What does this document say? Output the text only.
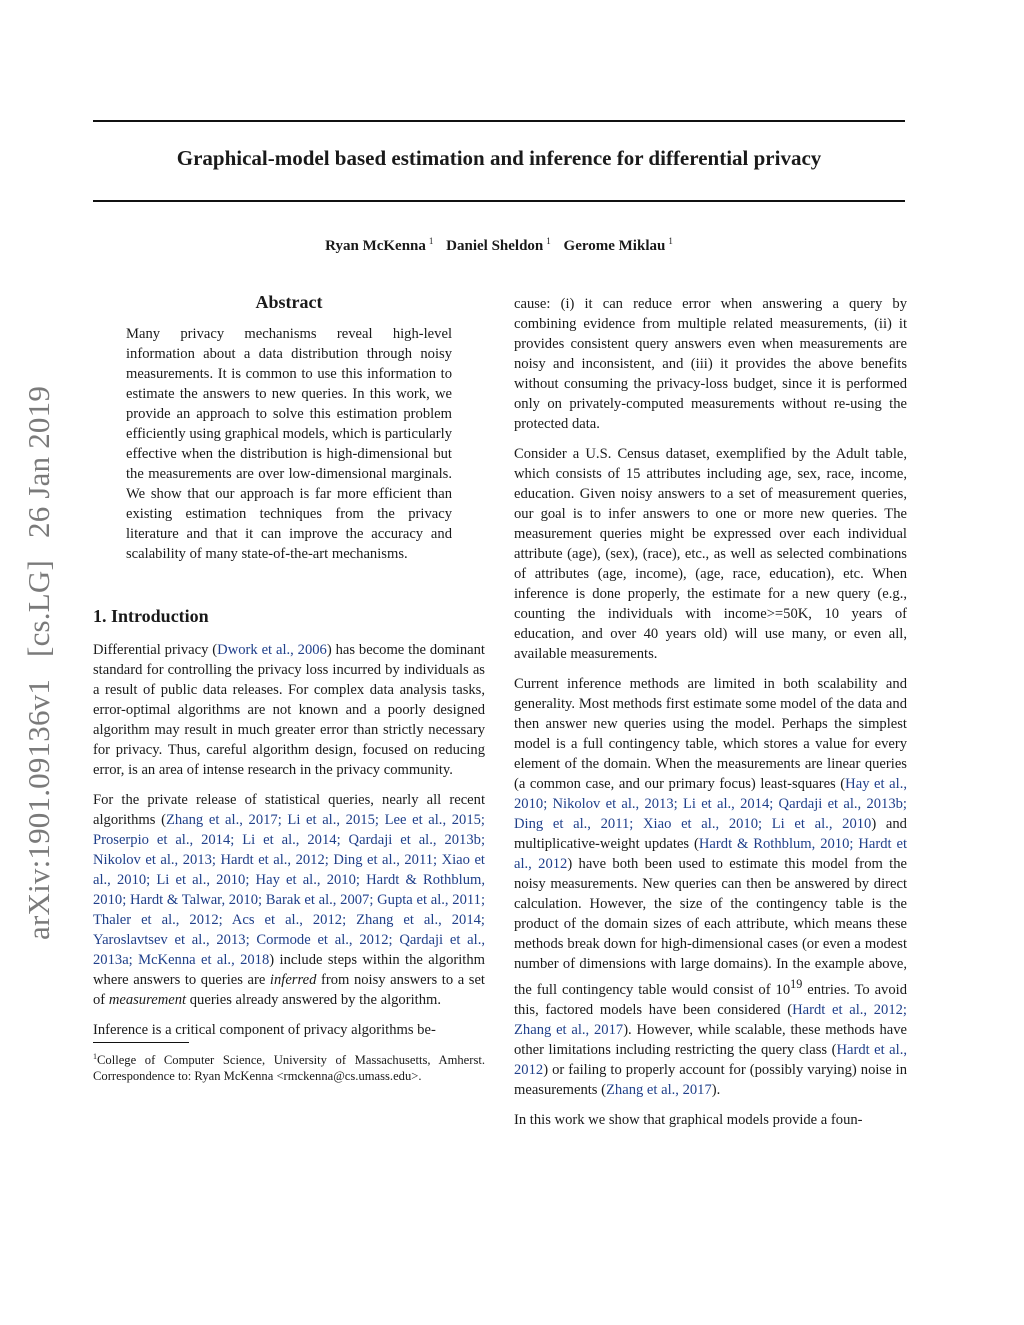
Graphical-model based estimation and inference for differential privacy
Ryan McKenna $^1$ Daniel Sheldon $^1$ Gerome Miklau $^1$
arXiv:1901.09136v1[cs.LG]26 Jan 2019
Abstract

Many privacy mechanisms reveal high-level information about a data distribution through noisy measurements. It is common to use this information to estimate the answers to new queries. In this work, we provide an approach to solve this estimation problem efficiently using graphical models, which is particularly effective when the distribution is high-dimensional but the measurements are over low-dimensional marginals. We show that our approach is far more efficient than existing estimation techniques from the privacy literature and that it can improve the accuracy and scalability of many state-of-the-art mechanisms.

1. Introduction

Differential privacy (Dwork et al., 2006) has become the dominant standard for controlling the privacy loss incurred by individuals as a result of public data releases. For complex data analysis tasks, error-optimal algorithms are not known and a poorly designed algorithm may result in much greater error than strictly necessary for privacy. Thus, careful algorithm design, focused on reducing error, is an area of intense research in the privacy community.

For the private release of statistical queries, nearly all recent algorithms (Zhang et al., 2017; Li et al., 2015; Lee et al., 2015; Proserpio et al., 2014; Li et al., 2014; Qardaji et al., 2013b; Nikolov et al., 2013; Hardt et al., 2012; Ding et al., 2011; Xiao et al., 2010; Li et al., 2010; Hay et al., 2010; Hardt & Rothblum, 2010; Hardt & Talwar, 2010; Barak et al., 2007; Gupta et al., 2011; Thaler et al., 2012; Acs et al., 2012; Zhang et al., 2014; Yaroslavtsev et al., 2013; Cormode et al., 2012; Qardaji et al., 2013a; McKenna et al., 2018) include steps within the algorithm where answers to queries are inferred from noisy answers to a set of measurement queries already answered by the algorithm.

Inference is a critical component of privacy algorithms be-

$^1$College of Computer Science, University of Massachusetts, Amherst. Correspondence to: Ryan McKenna <rmckenna@cs.umass.edu>.

cause: (i) it can reduce error when answering a query by combining evidence from multiple related measurements, (ii) it provides consistent query answers even when measurements are noisy and inconsistent, and (iii) it provides the above benefits without consuming the privacy-loss budget, since it is performed only on privately-computed measurements without re-using the protected data.

Consider a U.S. Census dataset, exemplified by the Adult table, which consists of 15 attributes including age, sex, race, income, education. Given noisy answers to a set of measurement queries, our goal is to infer answers to one or more new queries. The measurement queries might be expressed over each individual attribute (age), (sex), (race), etc., as well as selected combinations of attributes (age, income), (age, race, education), etc. When inference is done properly, the estimate for a new query (e.g., counting the individuals with income>=50K, 10 years of education, and over 40 years old) will use many, or even all, available measurements.

Current inference methods are limited in both scalability and generality. Most methods first estimate some model of the data and then answer new queries using the model. Perhaps the simplest model is a full contingency table, which stores a value for every element of the domain. When the measurements are linear queries (a common case, and our primary focus) least-squares (Hay et al., 2010; Nikolov et al., 2013; Li et al., 2014; Qardaji et al., 2013b; Ding et al., 2011; Xiao et al., 2010; Li et al., 2010) and multiplicative-weight updates (Hardt & Rothblum, 2010; Hardt et al., 2012) have both been used to estimate this model from the noisy measurements. New queries can then be answered by direct calculation. However, the size of the contingency table is the product of the domain sizes of each attribute, which means these methods break down for high-dimensional cases (or even a modest number of dimensions with large domains). In the example above, the full contingency table would consist of $10^{19}$ entries. To avoid this, factored models have been considered (Hardt et al., 2012; Zhang et al., 2017). However, while scalable, these methods have other limitations including restricting the query class (Hardt et al., 2012) or failing to properly account for (possibly varying) noise in measurements (Zhang et al., 2017).

In this work we show that graphical models provide a foun-
